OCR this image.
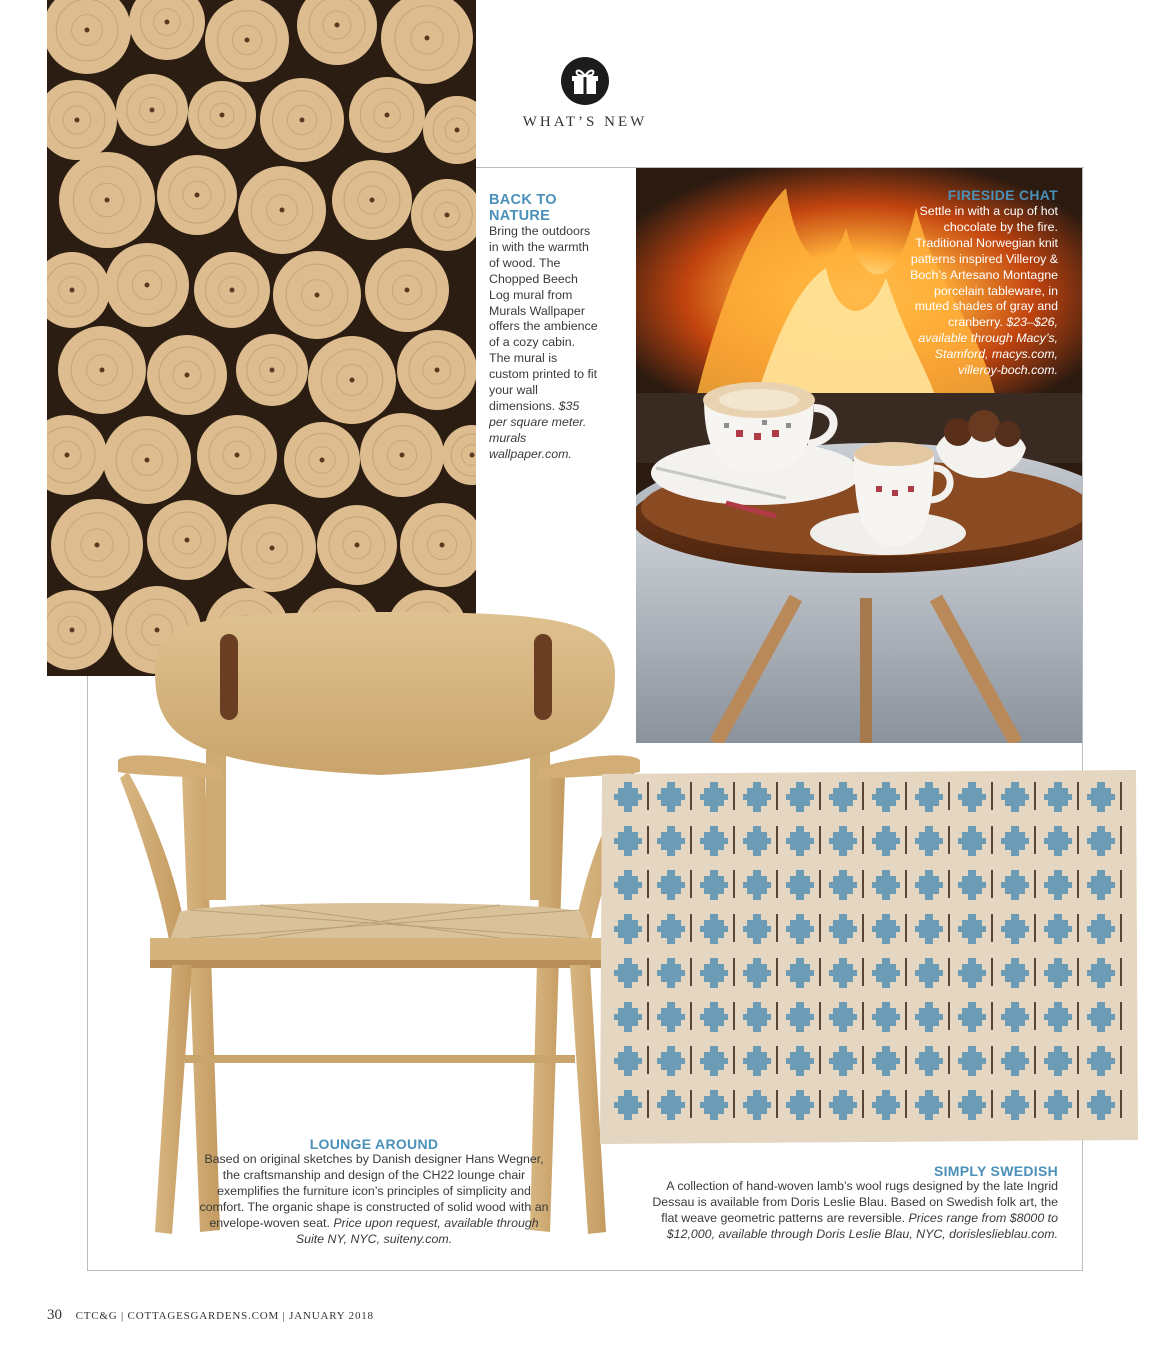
WHAT’S NEW
BACK TO NATURE
Bring the outdoors in with the warmth of wood. The Chopped Beech Log mural from Murals Wallpaper offers the ambience of a cozy cabin. The mural is custom printed to fit your wall dimensions. $35 per square meter. murals wallpaper.com.
FIRESIDE CHAT
Settle in with a cup of hot chocolate by the fire. Traditional Norwegian knit patterns inspired Villeroy & Boch’s Artesano Montagne porcelain tableware, in muted shades of gray and cranberry. $23–$26, available through Macy’s, Stamford, macys.com, villeroy-boch.com.
LOUNGE AROUND
Based on original sketches by Danish designer Hans Wegner, the craftsmanship and design of the CH22 lounge chair exemplifies the furniture icon’s principles of simplicity and comfort. The organic shape is constructed of solid wood with an envelope-woven seat. Price upon request, available through Suite NY, NYC, suiteny.com.
SIMPLY SWEDISH
A collection of hand-woven lamb’s wool rugs designed by the late Ingrid Dessau is available from Doris Leslie Blau. Based on Swedish folk art, the flat weave geometric patterns are reversible. Prices range from $8000 to $12,000, available through Doris Leslie Blau, NYC, dorisleslieblau.com.
30 CTC&G | COTTAGESGARDENS.COM | JANUARY 2018
